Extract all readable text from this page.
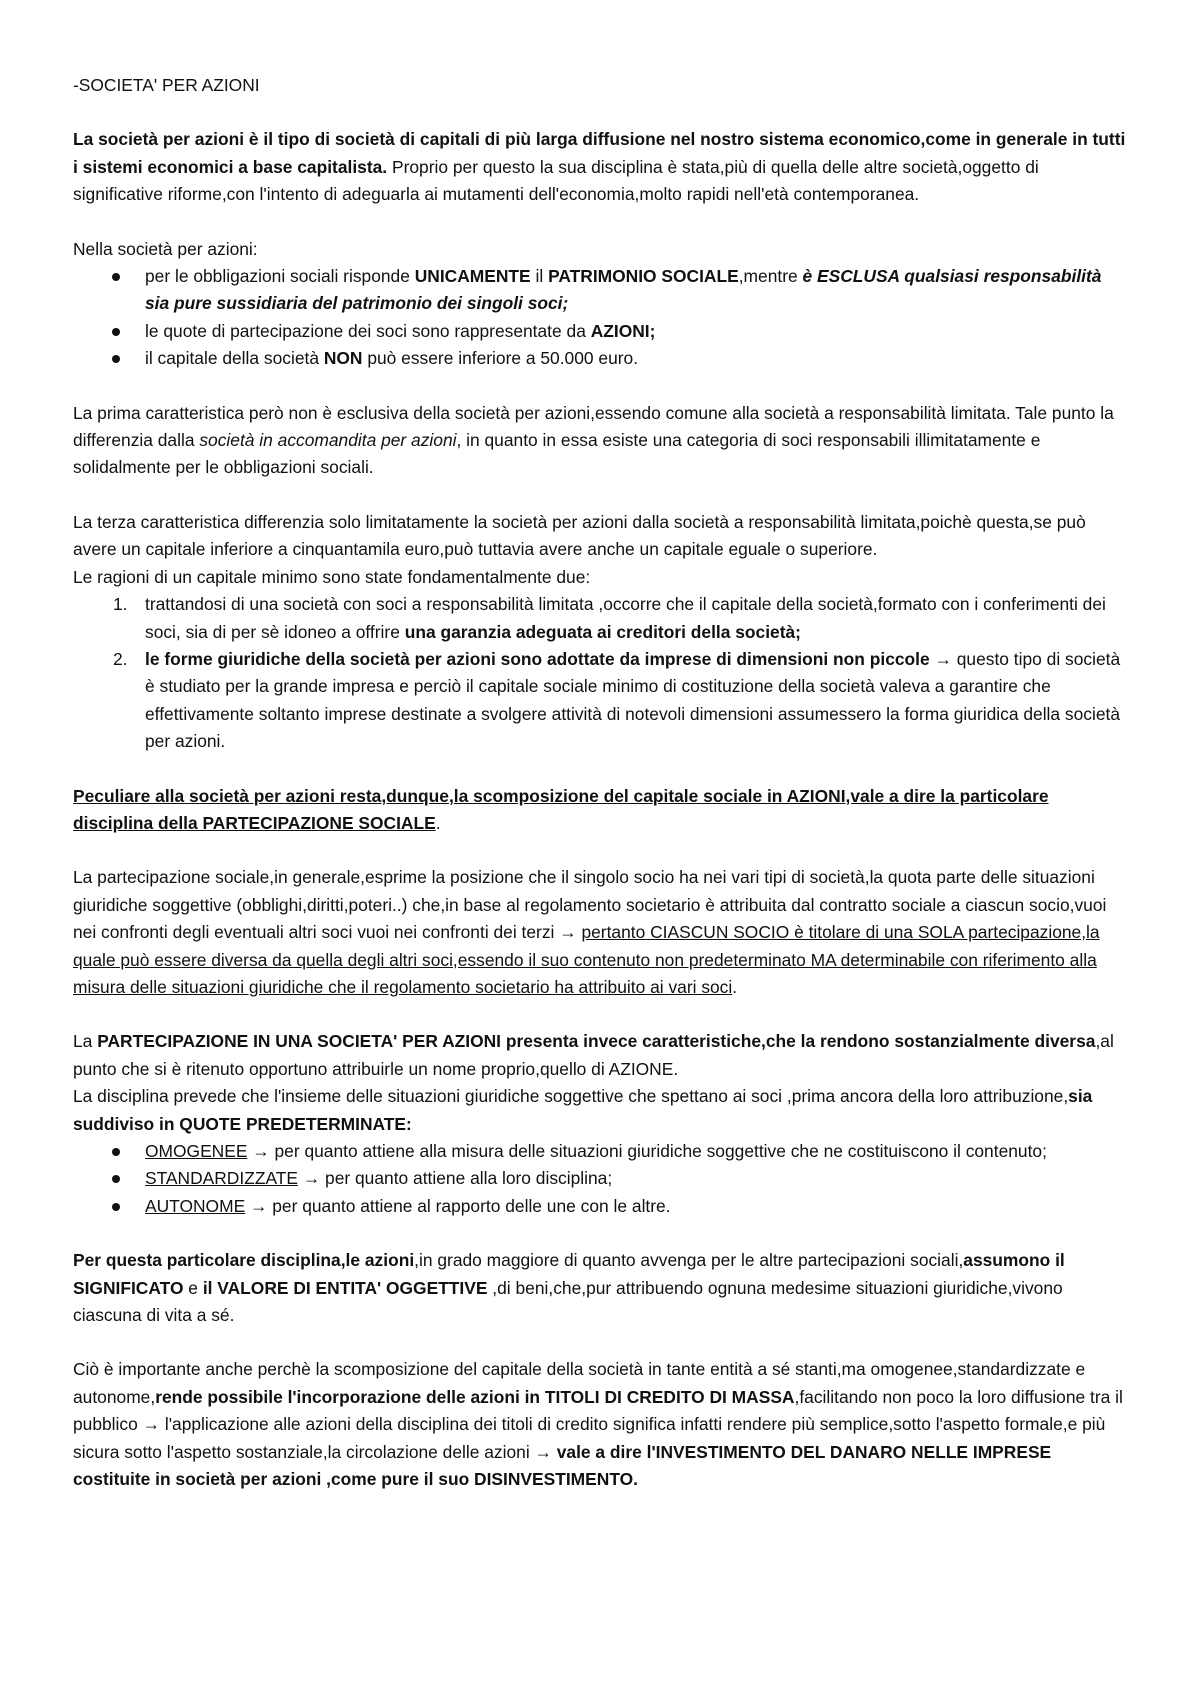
-SOCIETA' PER AZIONI

La società per azioni è il tipo di società di capitali di più larga diffusione nel nostro sistema economico,come in generale in tutti i sistemi economici a base capitalista. Proprio per questo la sua disciplina è stata,più di quella delle altre società,oggetto di significative riforme,con l'intento di adeguarla ai mutamenti dell'economia,molto rapidi nell'età contemporanea.

Nella società per azioni:

per le obbligazioni sociali risponde UNICAMENTE il PATRIMONIO SOCIALE,mentre è ESCLUSA qualsiasi responsabilità sia pure sussidiaria del patrimonio dei singoli soci;
le quote di partecipazione dei soci sono rappresentate da AZIONI;
il capitale della società NON può essere inferiore a 50.000 euro.

La prima caratteristica però non è esclusiva della società per azioni,essendo comune alla società a responsabilità limitata. Tale punto la differenzia dalla società in accomandita per azioni, in quanto in essa esiste una categoria di soci responsabili illimitatamente e solidalmente per le obbligazioni sociali.

La terza caratteristica differenzia solo limitatamente la società per azioni dalla società a responsabilità limitata,poichè questa,se può avere un capitale inferiore a cinquantamila euro,può tuttavia avere anche un capitale eguale o superiore.

Le ragioni di un capitale minimo sono state fondamentalmente due:

1. trattandosi di una società con soci a responsabilità limitata ,occorre che il capitale della società,formato con i conferimenti dei soci, sia di per sè idoneo a offrire una garanzia adeguata ai creditori della società;
2. le forme giuridiche della società per azioni sono adottate da imprese di dimensioni non piccole → questo tipo di società è studiato per la grande impresa e perciò il capitale sociale minimo di costituzione della società valeva a garantire che effettivamente soltanto imprese destinate a svolgere attività di notevoli dimensioni assumessero la forma giuridica della società per azioni.

Peculiare alla società per azioni resta,dunque,la scomposizione del capitale sociale in AZIONI,vale a dire la particolare disciplina della PARTECIPAZIONE SOCIALE.

La partecipazione sociale,in generale,esprime la posizione che il singolo socio ha nei vari tipi di società,la quota parte delle situazioni giuridiche soggettive (obblighi,diritti,poteri..) che,in base al regolamento societario è attribuita dal contratto sociale a ciascun socio,vuoi nei confronti degli eventuali altri soci vuoi nei confronti dei terzi → pertanto CIASCUN SOCIO è titolare di una SOLA partecipazione,la quale può essere diversa da quella degli altri soci,essendo il suo contenuto non predeterminato MA determinabile con riferimento alla misura delle situazioni giuridiche che il regolamento societario ha attribuito ai vari soci.

La PARTECIPAZIONE IN UNA SOCIETA' PER AZIONI presenta invece caratteristiche,che la rendono sostanzialmente diversa,al punto che si è ritenuto opportuno attribuirle un nome proprio,quello di AZIONE.

La disciplina prevede che l'insieme delle situazioni giuridiche soggettive che spettano ai soci ,prima ancora della loro attribuzione,sia suddiviso in QUOTE PREDETERMINATE:

OMOGENEE → per quanto attiene alla misura delle situazioni giuridiche soggettive che ne costituiscono il contenuto;
STANDARDIZZATE → per quanto attiene alla loro disciplina;
AUTONOME → per quanto attiene al rapporto delle une con le altre.

Per questa particolare disciplina,le azioni,in grado maggiore di quanto avvenga per le altre partecipazioni sociali,assumono il SIGNIFICATO e il VALORE DI ENTITA' OGGETTIVE ,di beni,che,pur attribuendo ognuna medesime situazioni giuridiche,vivono ciascuna di vita a sé.

Ciò è importante anche perchè la scomposizione del capitale della società in tante entità a sé stanti,ma omogenee,standardizzate e autonome,rende possibile l'incorporazione delle azioni in TITOLI DI CREDITO DI MASSA,facilitando non poco la loro diffusione tra il pubblico → l'applicazione alle azioni della disciplina dei titoli di credito significa infatti rendere più semplice,sotto l'aspetto formale,e più sicura sotto l'aspetto sostanziale,la circolazione delle azioni → vale a dire l'INVESTIMENTO DEL DANARO NELLE IMPRESE costituite in società per azioni ,come pure il suo DISINVESTIMENTO.
